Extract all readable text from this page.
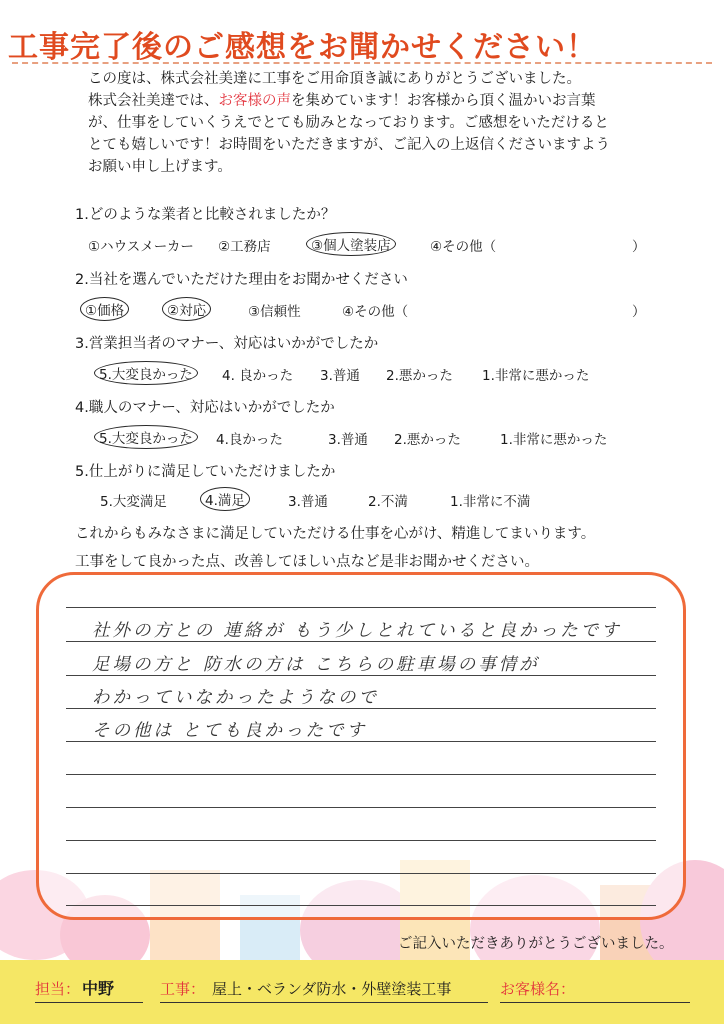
工事完了後のご感想をお聞かせください！
この度は、株式会社美達に工事をご用命頂き誠にありがとうございました。
株式会社美達では、お客様の声を集めています！お客様から頂く温かいお言葉
が、仕事をしていくうえでとても励みとなっております。ご感想をいただけると
とても嬉しいです！お時間をいただきますが、ご記入の上返信くださいますよう
お願い申し上げます。
1.どのような業者と比較されましたか？
①ハウスメーカー ②工務店	③個人塗装店	④その他（	）
2.当社を選んでいただけた理由をお聞かせください
①価格	②対応	③信頼性	④その他（	）
3.営業担当者のマナー、対応はいかがでしたか
5.大変良かった	4. 良かった 3.普通 2.悪かった 1.非常に悪かった
4.職人のマナー、対応はいかがでしたか
5.大変良かった	4.良かった	3.普通 2.悪かった	1.非常に悪かった
5.仕上がりに満足していただけましたか
5.大変満足	4.満足	3.普通	2.不満	1.非常に不満
これからもみなさまに満足していただける仕事を心がけ、精進してまいります。
工事をして良かった点、改善してほしい点など是非お聞かせください。
社外の方との 連絡が もう少しとれていると良かったです
足場の方と 防水の方は こちらの駐車場の事情が
わかっていなかったようなので
その他は とても良かったです
ご記入いただきありがとうございました。
担当： 中野	工事： 屋上・ベランダ防水・外壁塗装工事	お客様名：
